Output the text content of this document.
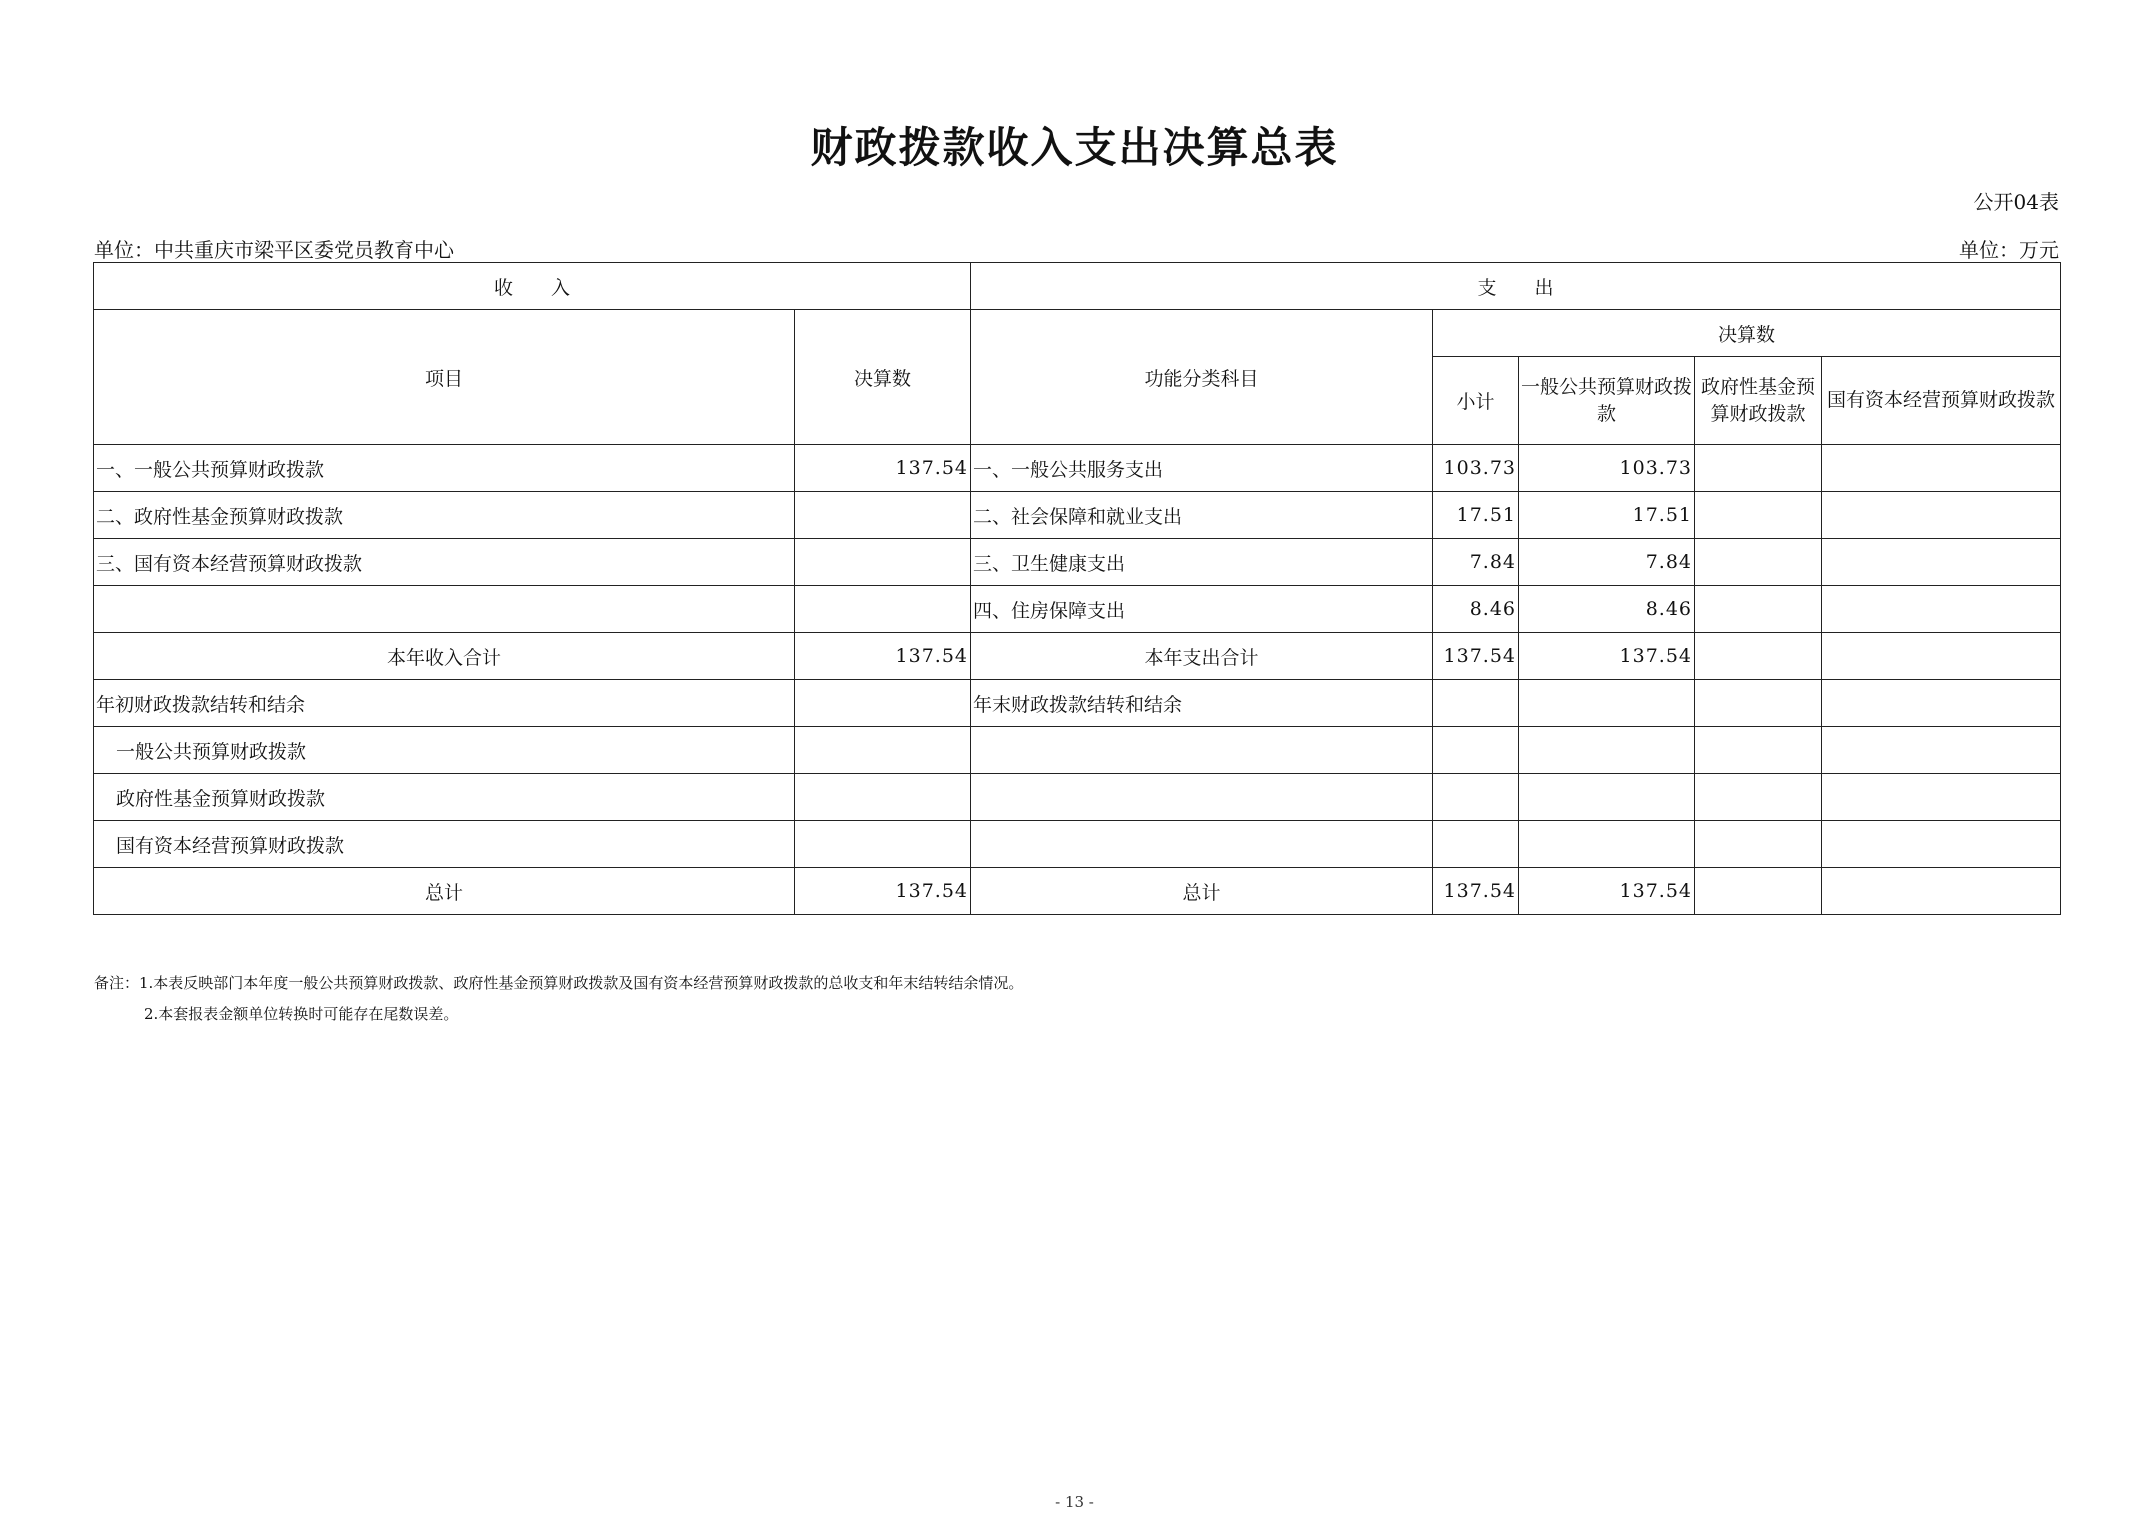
财政拨款收入支出决算总表
公开04表
单位：中共重庆市梁平区委党员教育中心	单位：万元
收　　入		支　　出				
项目	决算数	功能分类科目	决算数			
			小计	一般公共预算财政拨款	政府性基金预算财政拨款	国有资本经营预算财政拨款
一、一般公共预算财政拨款	137.54	一、一般公共服务支出	103.73	103.73		
二、政府性基金预算财政拨款		二、社会保障和就业支出	17.51	17.51		
三、国有资本经营预算财政拨款		三、卫生健康支出	7.84	7.84		
		四、住房保障支出	8.46	8.46		
本年收入合计	137.54	本年支出合计	137.54	137.54		
年初财政拨款结转和结余		年末财政拨款结转和结余				
一般公共预算财政拨款						
政府性基金预算财政拨款						
国有资本经营预算财政拨款						
总计	137.54	总计	137.54	137.54		
备注：1.本表反映部门本年度一般公共预算财政拨款、政府性基金预算财政拨款及国有资本经营预算财政拨款的总收支和年末结转结余情况。
2.本套报表金额单位转换时可能存在尾数误差。
- 13 -
